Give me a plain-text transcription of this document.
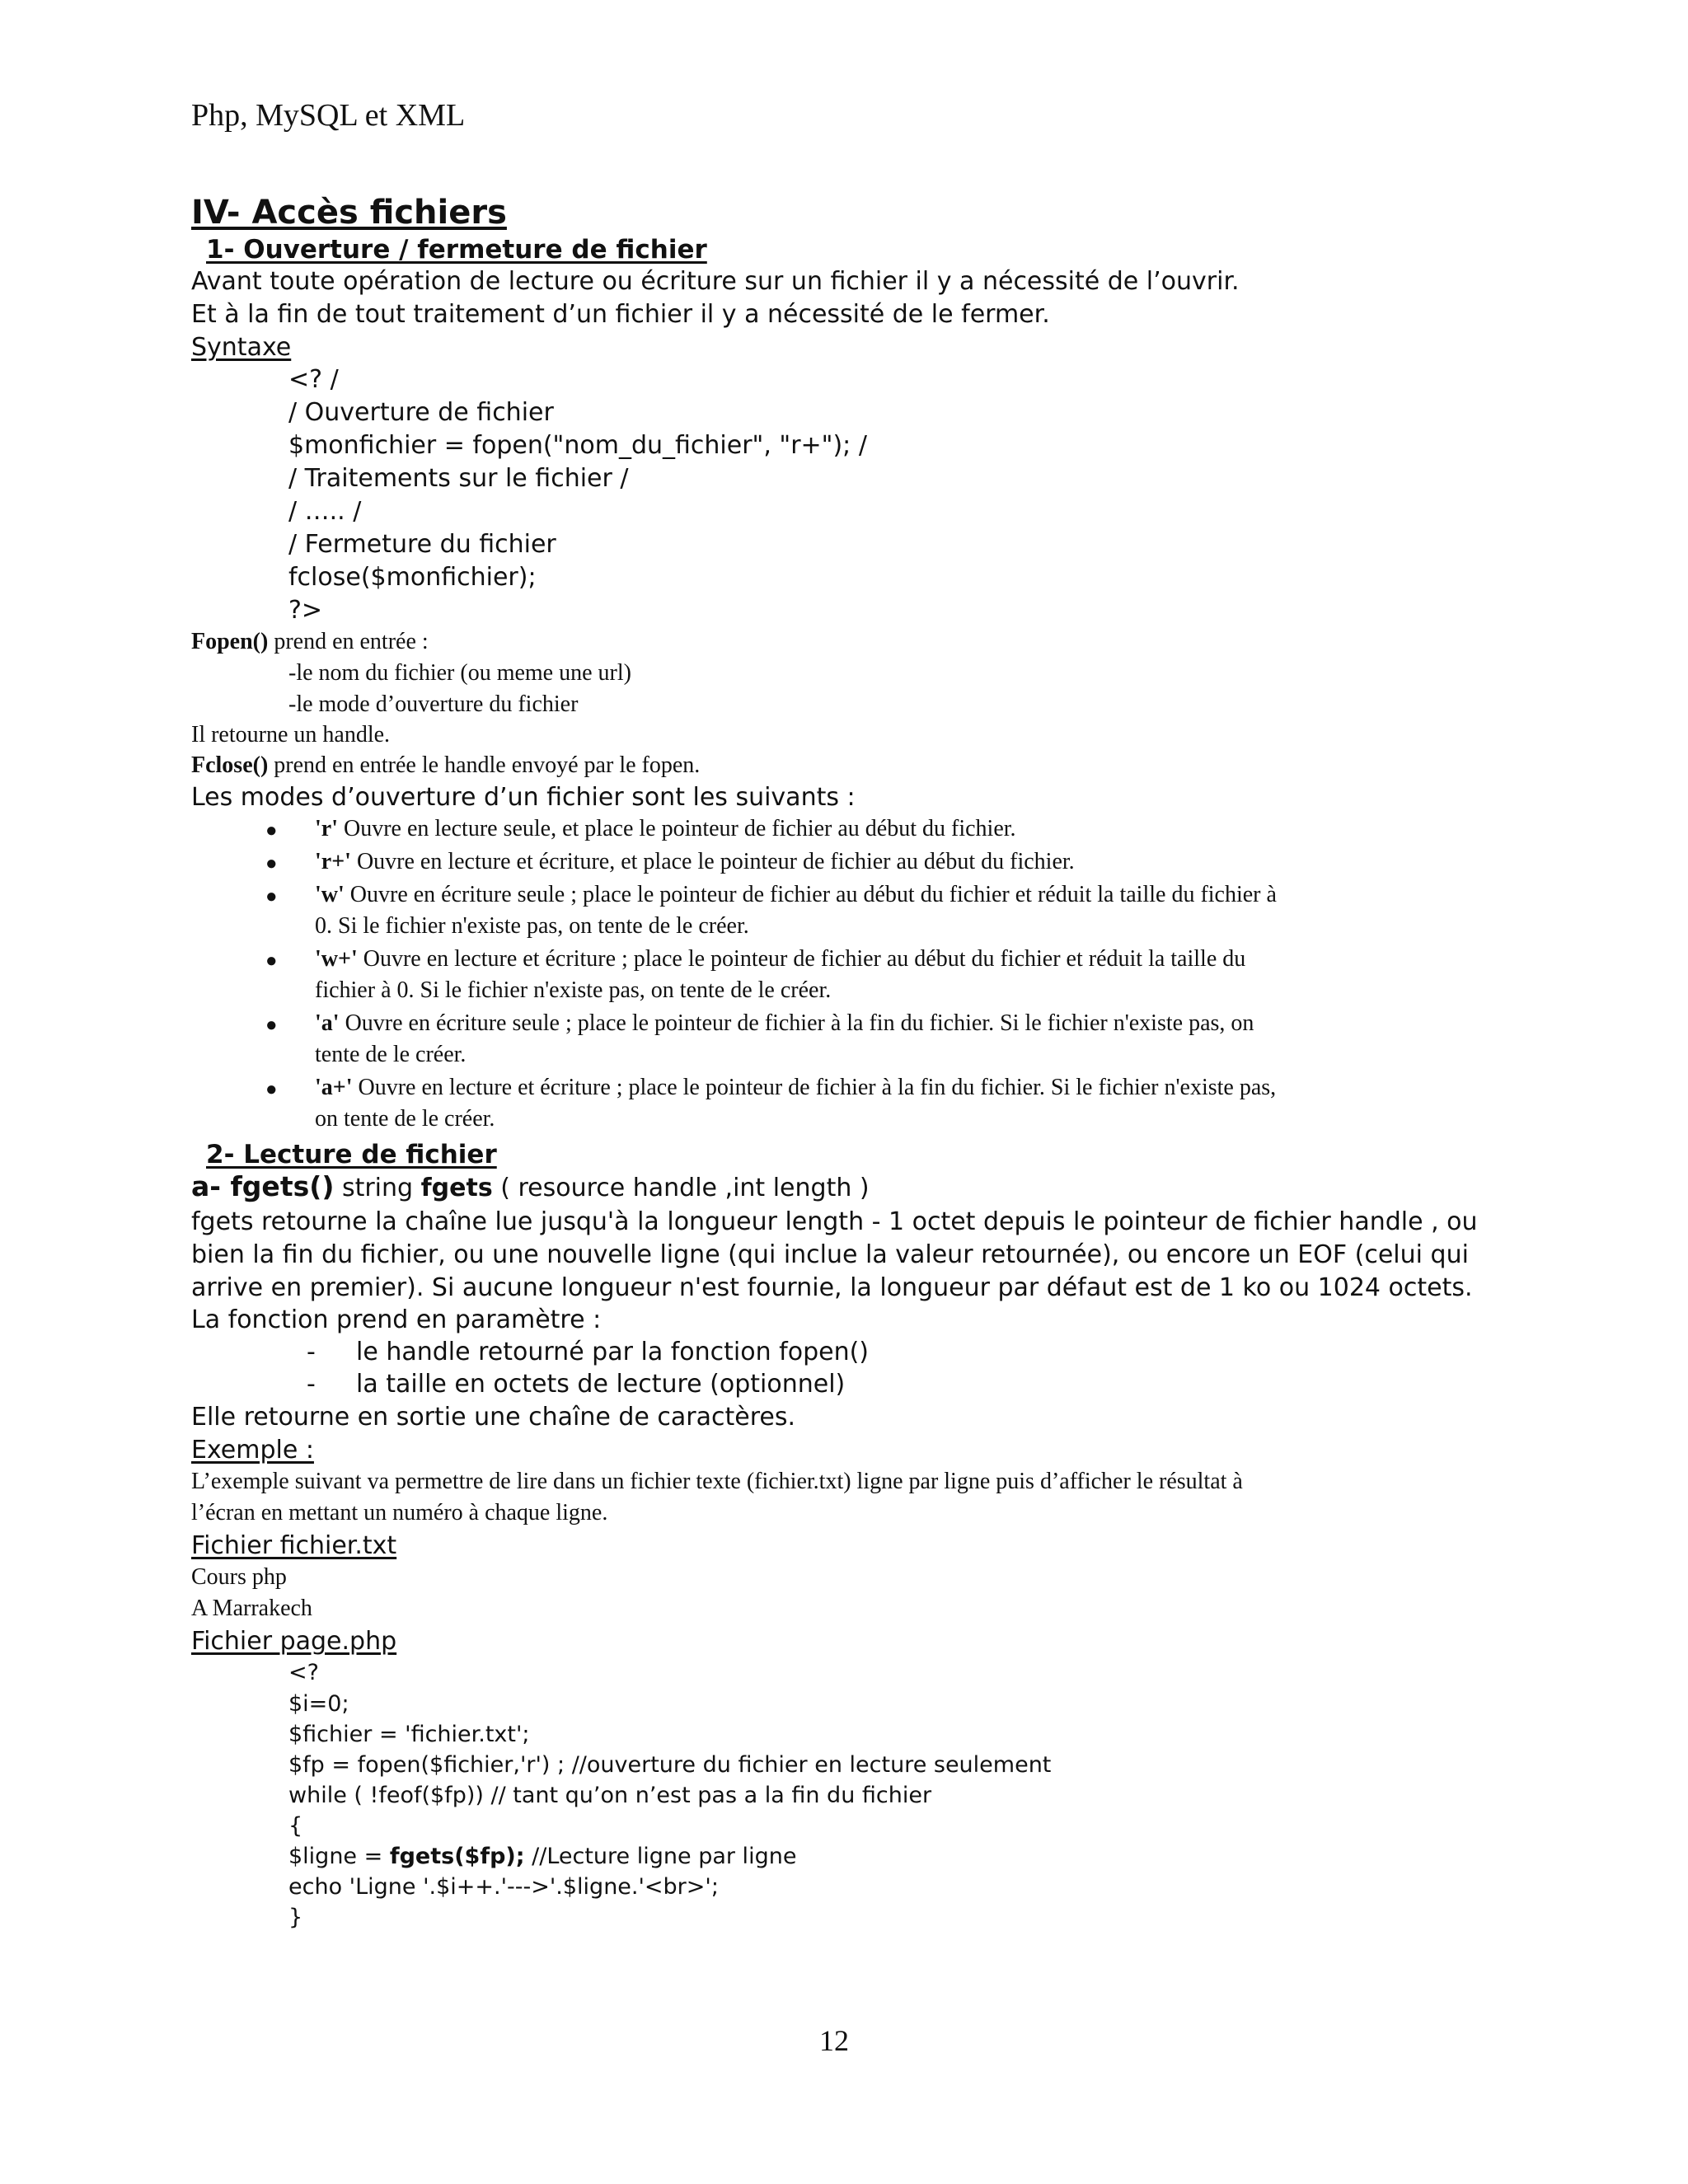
Php, MySQL et XML
IV- Accès fichiers
1- Ouverture / fermeture de fichier
Avant toute opération de lecture ou écriture sur un fichier il y a nécessité de l’ouvrir.
Et à la fin de tout traitement d’un fichier il y a nécessité de le fermer.
Syntaxe
<? /
/ Ouverture de fichier
$monfichier = fopen("nom_du_fichier", "r+"); /
/ Traitements sur le fichier /
/ ….. /
/ Fermeture du fichier
fclose($monfichier);
?>
Fopen() prend en entrée :
-le nom du fichier (ou meme une url)
-le mode d’ouverture du fichier
Il retourne un handle.
Fclose() prend en entrée le handle envoyé par le fopen.
Les modes d’ouverture d’un fichier sont les suivants :
● 'r' Ouvre en lecture seule, et place le pointeur de fichier au début du fichier.
● 'r+' Ouvre en lecture et écriture, et place le pointeur de fichier au début du fichier.
● 'w' Ouvre en écriture seule ; place le pointeur de fichier au début du fichier et réduit la taille du fichier à
0. Si le fichier n'existe pas, on tente de le créer.
● 'w+' Ouvre en lecture et écriture ; place le pointeur de fichier au début du fichier et réduit la taille du
fichier à 0. Si le fichier n'existe pas, on tente de le créer.
● 'a' Ouvre en écriture seule ; place le pointeur de fichier à la fin du fichier. Si le fichier n'existe pas, on
tente de le créer.
● 'a+' Ouvre en lecture et écriture ; place le pointeur de fichier à la fin du fichier. Si le fichier n'existe pas,
on tente de le créer.
2- Lecture de fichier
a- fgets() string fgets ( resource handle ,int length )
fgets retourne la chaîne lue jusqu'à la longueur length - 1 octet depuis le pointeur de fichier handle , ou
bien la fin du fichier, ou une nouvelle ligne (qui inclue la valeur retournée), ou encore un EOF (celui qui
arrive en premier). Si aucune longueur n'est fournie, la longueur par défaut est de 1 ko ou 1024 octets.
La fonction prend en paramètre :
- le handle retourné par la fonction fopen()
- la taille en octets de lecture (optionnel)
Elle retourne en sortie une chaîne de caractères.
Exemple :
L’exemple suivant va permettre de lire dans un fichier texte (fichier.txt) ligne par ligne puis d’afficher le résultat à
l’écran en mettant un numéro à chaque ligne.
Fichier fichier.txt
Cours php
A Marrakech
Fichier page.php
<?
$i=0;
$fichier = 'fichier.txt';
$fp = fopen($fichier,'r') ; //ouverture du fichier en lecture seulement
while ( !feof($fp)) // tant qu’on n’est pas a la fin du fichier
{
$ligne = fgets($fp); //Lecture ligne par ligne
echo 'Ligne '.$i++.'--->'.$ligne.'<br>';
}
12
